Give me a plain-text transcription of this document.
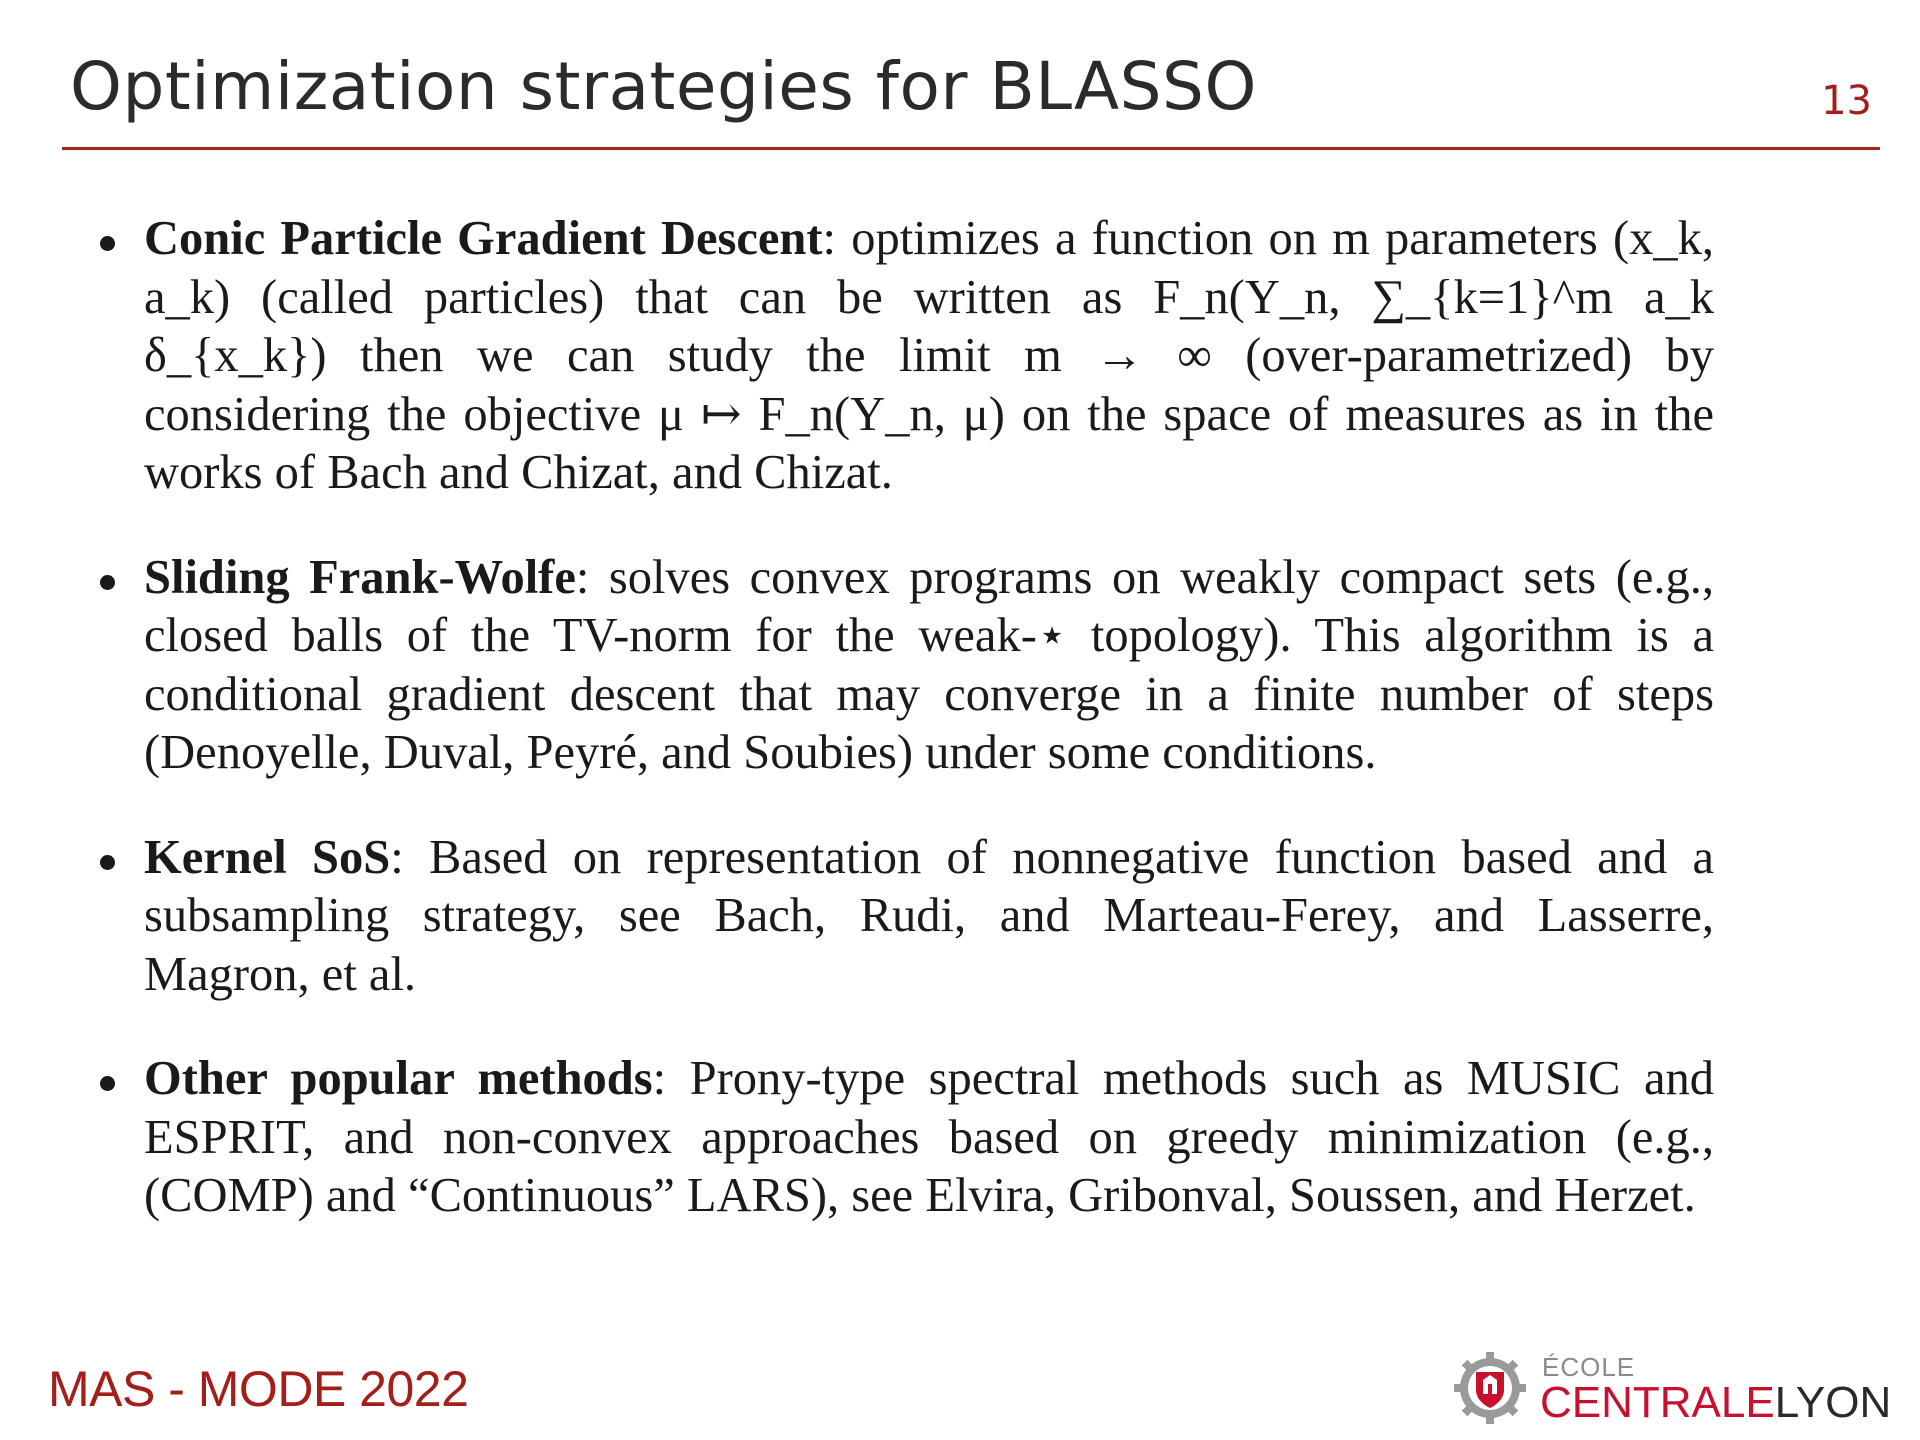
Optimization strategies for BLASSO	13
Conic Particle Gradient Descent: optimizes a function on m parameters (x_k, a_k) (called particles) that can be written as F_n(Y_n, ∑_{k=1}^m a_k δ_{x_k}) then we can study the limit m → ∞ (over-parametrized) by considering the objective μ ↦ F_n(Y_n, μ) on the space of measures as in the works of Bach and Chizat, and Chizat.
Sliding Frank-Wolfe: solves convex programs on weakly compact sets (e.g., closed balls of the TV-norm for the weak-⋆ topology). This algorithm is a conditional gradient descent that may converge in a finite number of steps (Denoyelle, Duval, Peyré, and Soubies) under some conditions.
Kernel SoS: Based on representation of nonnegative function based and a subsampling strategy, see Bach, Rudi, and Marteau-Ferey, and Lasserre, Magron, et al.
Other popular methods: Prony-type spectral methods such as MUSIC and ESPRIT, and non-convex approaches based on greedy minimization (e.g., (COMP) and “Continuous” LARS), see Elvira, Gribonval, Soussen, and Herzet.
MAS - MODE 2022	ÉCOLE
CENTRALELYON
